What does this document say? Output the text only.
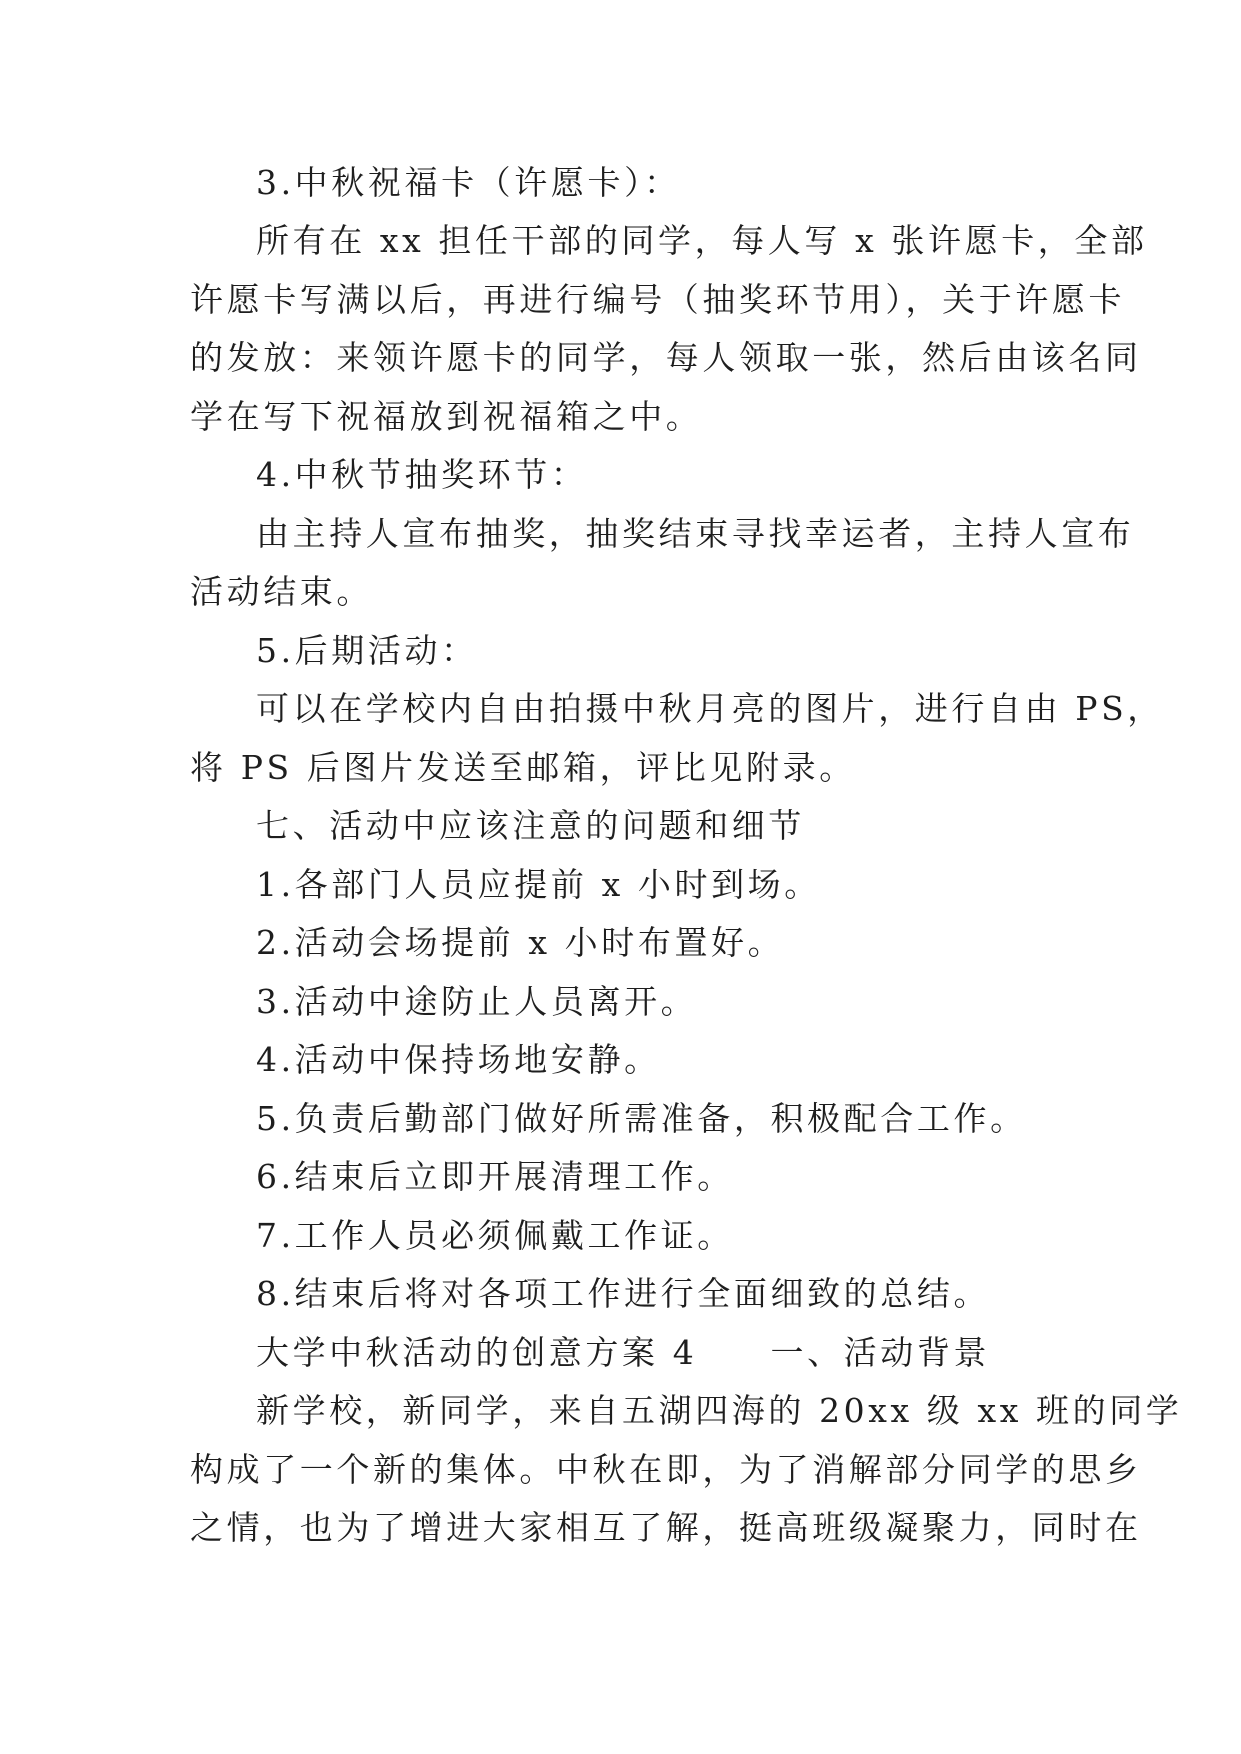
3.中秋祝福卡（许愿卡）：
所有在 xx 担任干部的同学，每人写 x 张许愿卡，全部
许愿卡写满以后，再进行编号（抽奖环节用），关于许愿卡
的发放：来领许愿卡的同学，每人领取一张，然后由该名同
学在写下祝福放到祝福箱之中。
4.中秋节抽奖环节：
由主持人宣布抽奖，抽奖结束寻找幸运者，主持人宣布
活动结束。
5.后期活动：
可以在学校内自由拍摄中秋月亮的图片，进行自由 PS，
将 PS 后图片发送至邮箱，评比见附录。
七、活动中应该注意的问题和细节
1.各部门人员应提前 x 小时到场。
2.活动会场提前 x 小时布置好。
3.活动中途防止人员离开。
4.活动中保持场地安静。
5.负责后勤部门做好所需准备，积极配合工作。
6.结束后立即开展清理工作。
7.工作人员必须佩戴工作证。
8.结束后将对各项工作进行全面细致的总结。
大学中秋活动的创意方案 4　　一、活动背景
新学校，新同学，来自五湖四海的 20xx 级 xx 班的同学
构成了一个新的集体。中秋在即，为了消解部分同学的思乡
之情，也为了增进大家相互了解，挺高班级凝聚力，同时在
